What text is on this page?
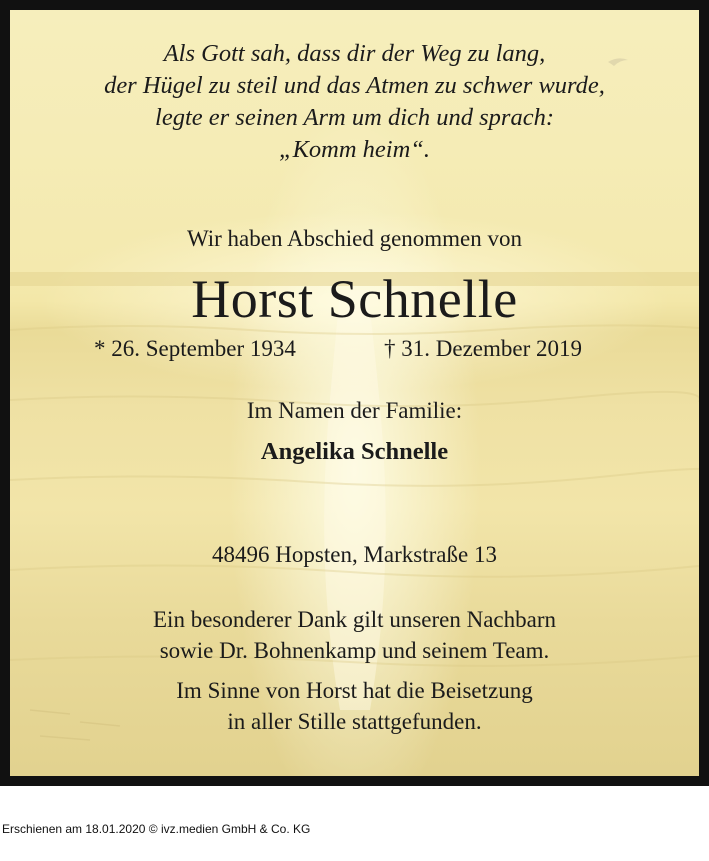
Als Gott sah, dass dir der Weg zu lang,
der Hügel zu steil und das Atmen zu schwer wurde,
legte er seinen Arm um dich und sprach:
„Komm heim“.
Wir haben Abschied genommen von
Horst Schnelle
* 26. September 1934	† 31. Dezember 2019
Im Namen der Familie:
Angelika Schnelle
48496 Hopsten, Markstraße 13
Ein besonderer Dank gilt unseren Nachbarn
sowie Dr. Bohnenkamp und seinem Team.
Im Sinne von Horst hat die Beisetzung
in aller Stille stattgefunden.
Erschienen am 18.01.2020 © ivz.medien GmbH & Co. KG
